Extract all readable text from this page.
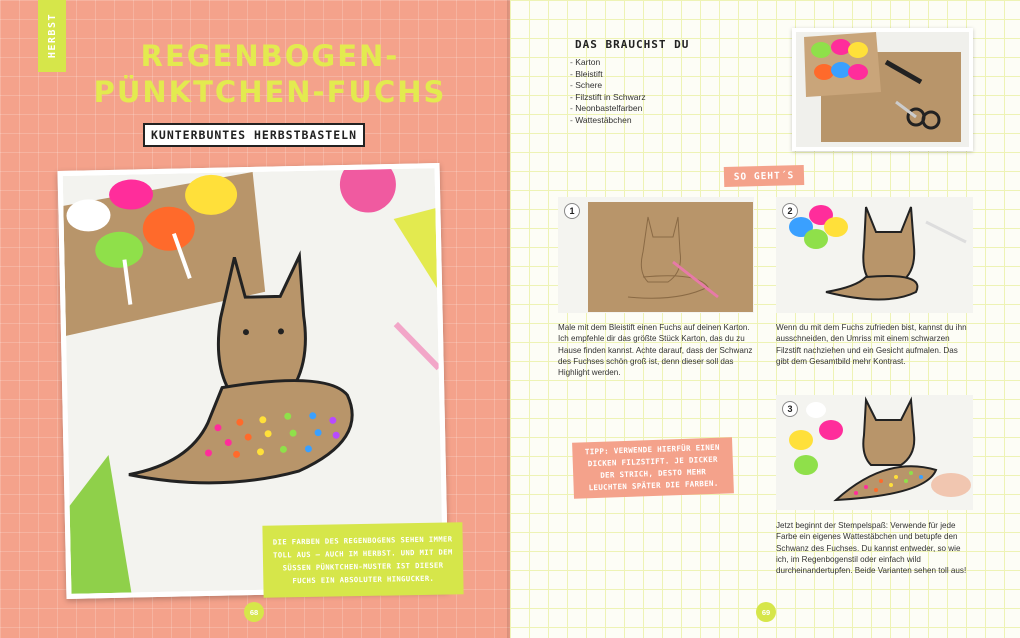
HERBST	REGENBOGEN-
PÜNKTCHEN-FUCHS
KUNTERBUNTES HERBSTBASTELN
DIE FARBEN DES REGENBOGENS SEHEN IMMER TOLL AUS – AUCH IM HERBST. UND MIT DEM SÜSSEN PÜNKTCHEN-MUSTER IST DIESER FUCHS EIN ABSOLUTER HINGUCKER.
68
DAS BRAUCHST DU
- Karton
- Bleistift
- Schere
- Filzstift in Schwarz
- Neonbastelfarben
- Wattestäbchen
SO GEHT´S
1
Male mit dem Bleistift einen Fuchs auf deinen Karton. Ich empfehle dir das größte Stück Karton, das du zu Hause finden kannst. Achte darauf, dass der Schwanz des Fuchses schön groß ist, denn dieser soll das Highlight werden.
2
Wenn du mit dem Fuchs zufrieden bist, kannst du ihn ausschneiden, den Umriss mit einem schwarzen Filzstift nachziehen und ein Gesicht aufmalen. Das gibt dem Gesamtbild mehr Kontrast.
TIPP: VERWENDE HIERFÜR EINEN DICKEN FILZSTIFT. JE DICKER DER STRICH, DESTO MEHR LEUCHTEN SPÄTER DIE FARBEN.
3
Jetzt beginnt der Stempelspaß: Verwende für jede Farbe ein eigenes Wattestäbchen und betupfe den Schwanz des Fuchses. Du kannst entweder, so wie ich, im Regenbogenstil oder einfach wild durcheinandertupfen. Beide Varianten sehen toll aus!
69
